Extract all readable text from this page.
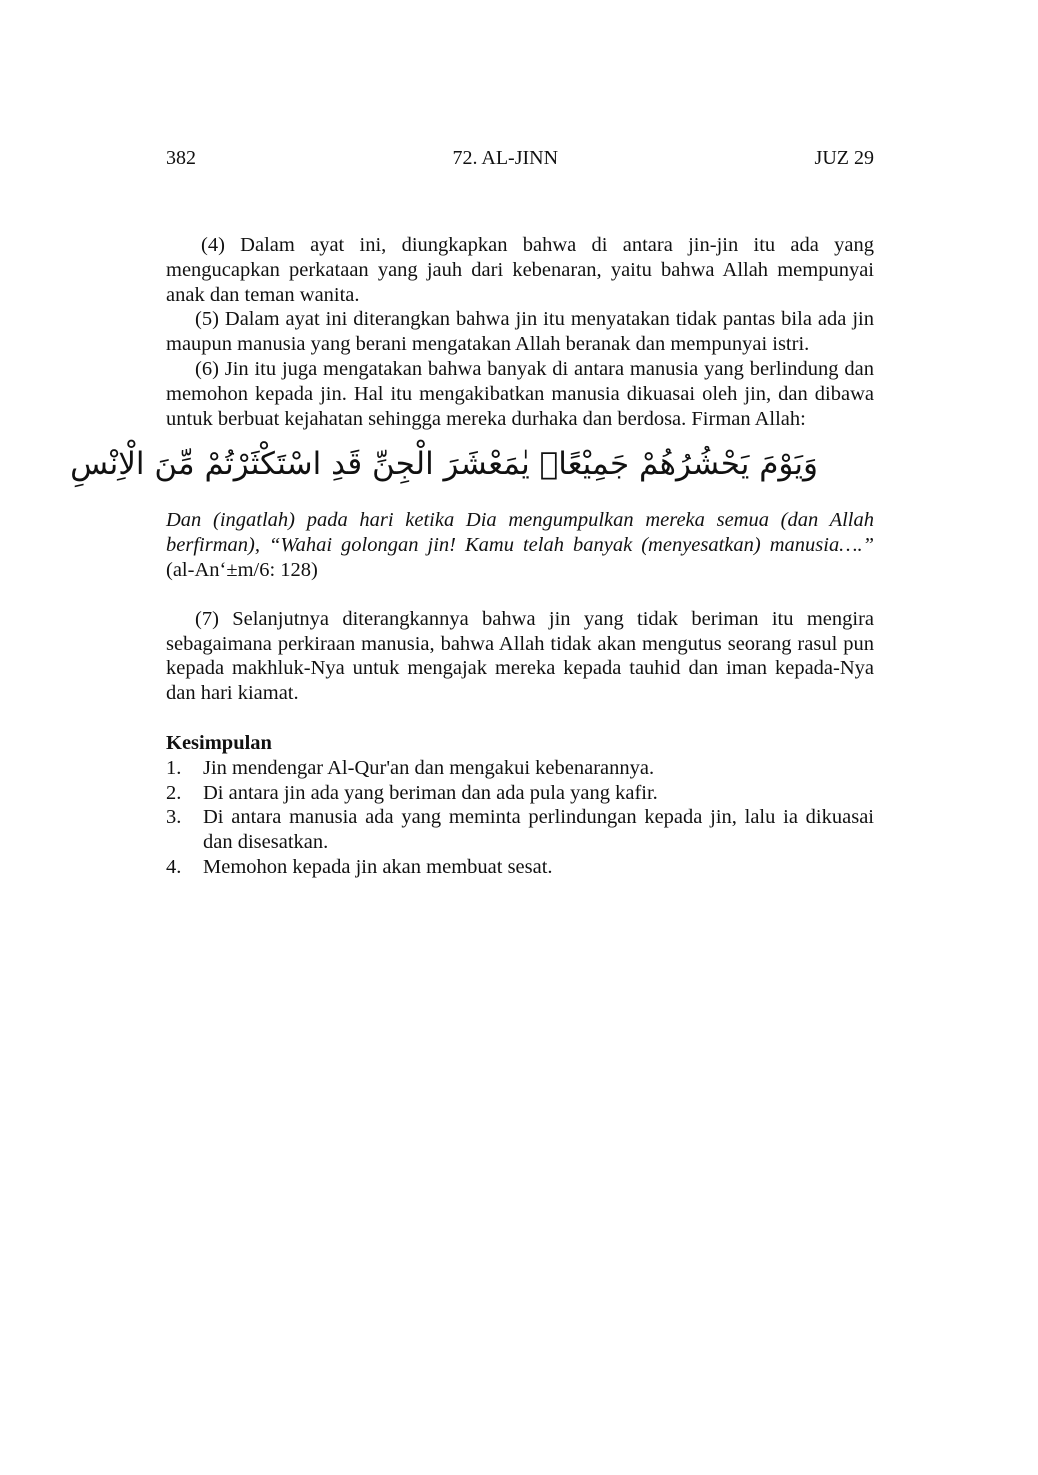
382	72. AL-JINN	JUZ 29

(4) Dalam ayat ini, diungkapkan bahwa di antara jin-jin itu ada yang mengucapkan perkataan yang jauh dari kebenaran, yaitu bahwa Allah mempunyai anak dan teman wanita.

(5) Dalam ayat ini diterangkan bahwa jin itu menyatakan tidak pantas bila ada jin maupun manusia yang berani mengatakan Allah beranak dan mempunyai istri.

(6) Jin itu juga mengatakan bahwa banyak di antara manusia yang berlindung dan memohon kepada jin. Hal itu mengakibatkan manusia dikuasai oleh jin, dan dibawa untuk berbuat kejahatan sehingga mereka durhaka dan berdosa. Firman Allah:

وَيَوْمَ يَحْشُرُهُمْ جَمِيْعًاۚ يٰمَعْشَرَ الْجِنِّ قَدِ اسْتَكْثَرْتُمْ مِّنَ الْاِنْسِ

Dan (ingatlah) pada hari ketika Dia mengumpulkan mereka semua (dan Allah berfirman), “Wahai golongan jin! Kamu telah banyak (menyesatkan) manusia….” (al-An‘±m/6: 128)

(7) Selanjutnya diterangkannya bahwa jin yang tidak beriman itu mengira sebagaimana perkiraan manusia, bahwa Allah tidak akan mengutus seorang rasul pun kepada makhluk-Nya untuk mengajak mereka kepada tauhid dan iman kepada-Nya dan hari kiamat.

Kesimpulan

1.	Jin mendengar Al-Qur'an dan mengakui kebenarannya.
2.	Di antara jin ada yang beriman dan ada pula yang kafir.
3.	Di antara manusia ada yang meminta perlindungan kepada jin, lalu ia dikuasai dan disesatkan.
4.	Memohon kepada jin akan membuat sesat.
